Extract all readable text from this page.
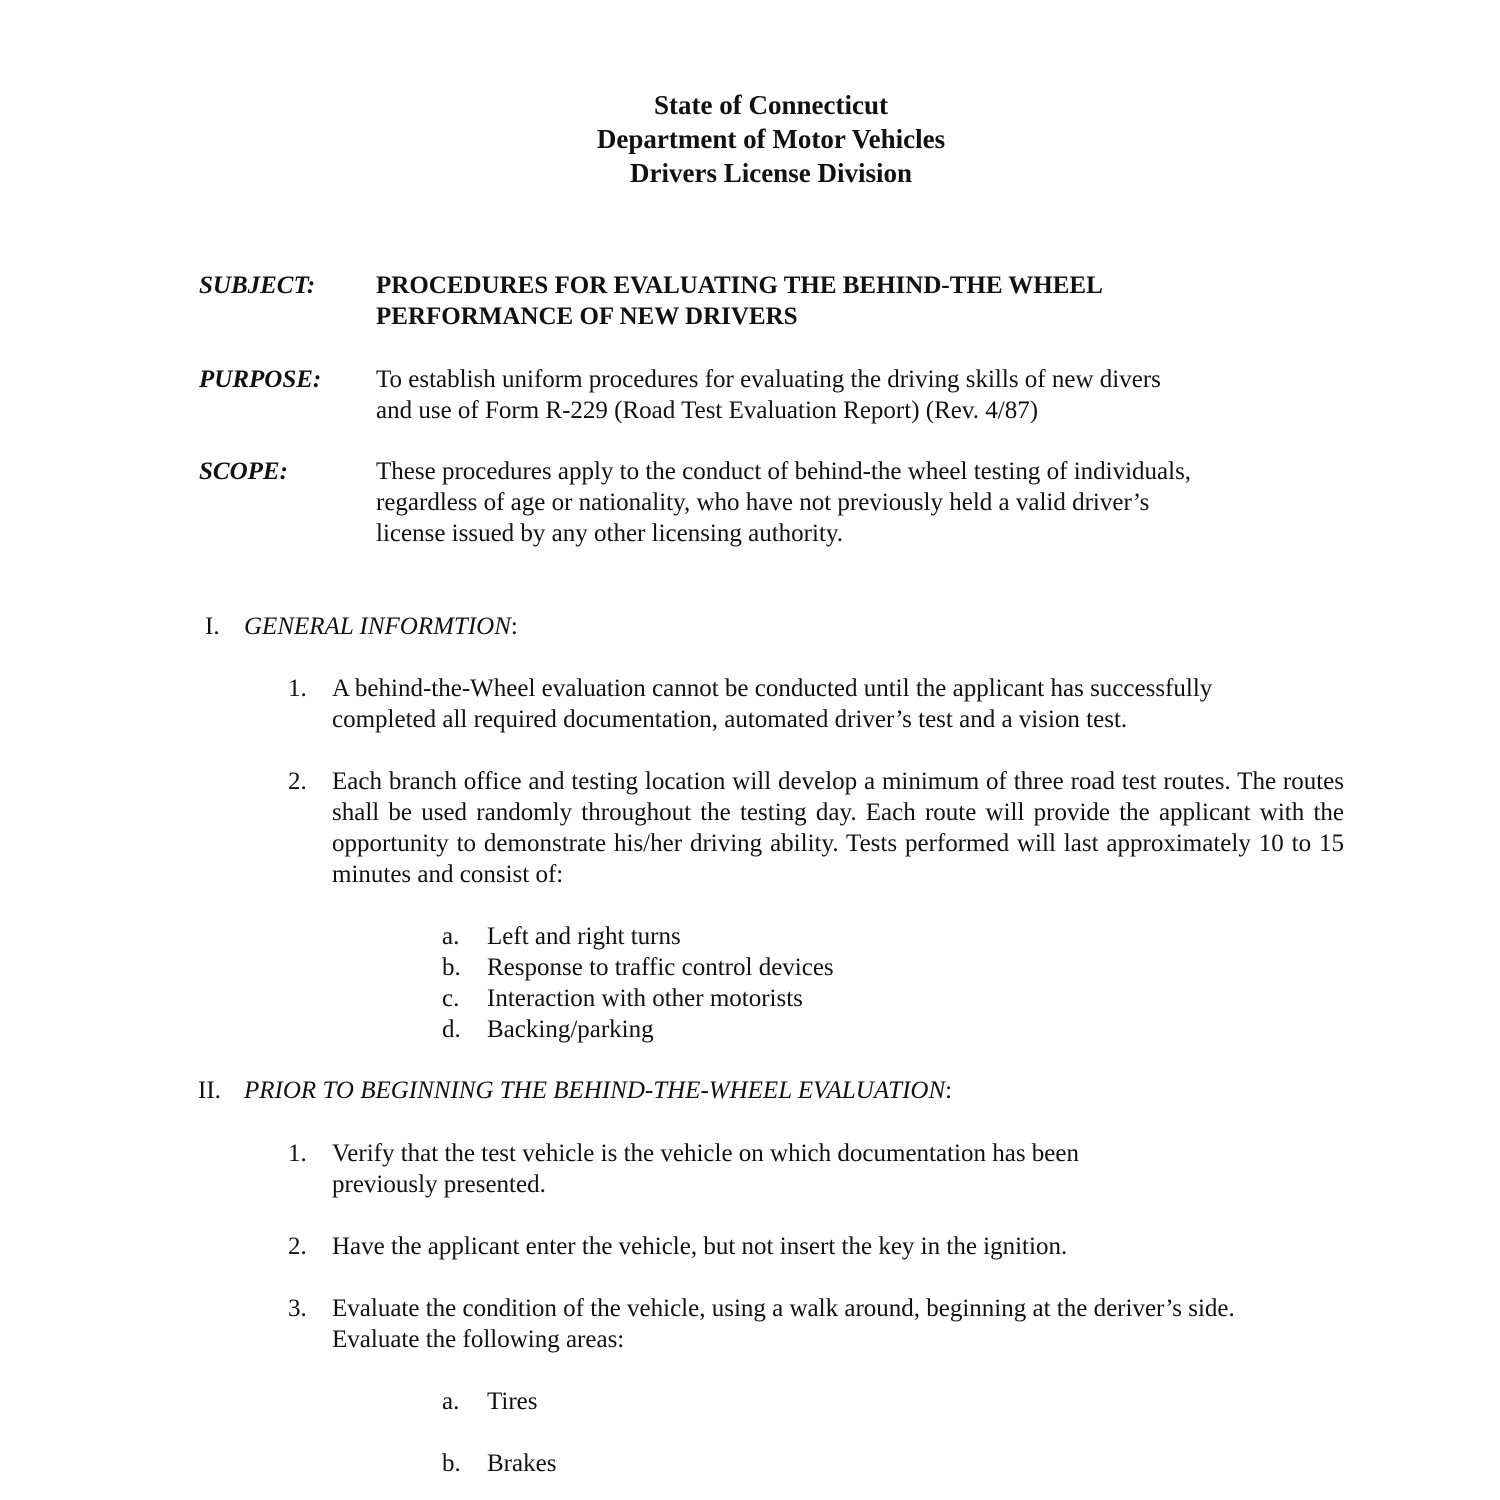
State of Connecticut
Department of Motor Vehicles
Drivers License Division
SUBJECT: PROCEDURES FOR EVALUATING THE BEHIND-THE WHEEL
PERFORMANCE OF NEW DRIVERS
PURPOSE: To establish uniform procedures for evaluating the driving skills of new divers
and use of Form R-229 (Road Test Evaluation Report) (Rev. 4/87)
SCOPE:	These procedures apply to the conduct of behind-the wheel testing of individuals,
regardless of age or nationality, who have not previously held a valid driver’s
license issued by any other licensing authority.
I. GENERAL INFORMTION:
1. A behind-the-Wheel evaluation cannot be conducted until the applicant has successfully
completed all required documentation, automated driver’s test and a vision test.
2. Each branch office and testing location will develop a minimum of three road test routes. The routes shall be used randomly throughout the testing day. Each route will provide the applicant with the opportunity to demonstrate his/her driving ability. Tests performed will last approximately 10 to 15 minutes and consist of:
a. Left and right turns
b. Response to traffic control devices
c. Interaction with other motorists
d. Backing/parking
II. PRIOR TO BEGINNING THE BEHIND-THE-WHEEL EVALUATION:
1. Verify that the test vehicle is the vehicle on which documentation has been
previously presented.
2. Have the applicant enter the vehicle, but not insert the key in the ignition.
3. Evaluate the condition of the vehicle, using a walk around, beginning at the deriver’s side.
Evaluate the following areas:
a. Tires
b. Brakes
